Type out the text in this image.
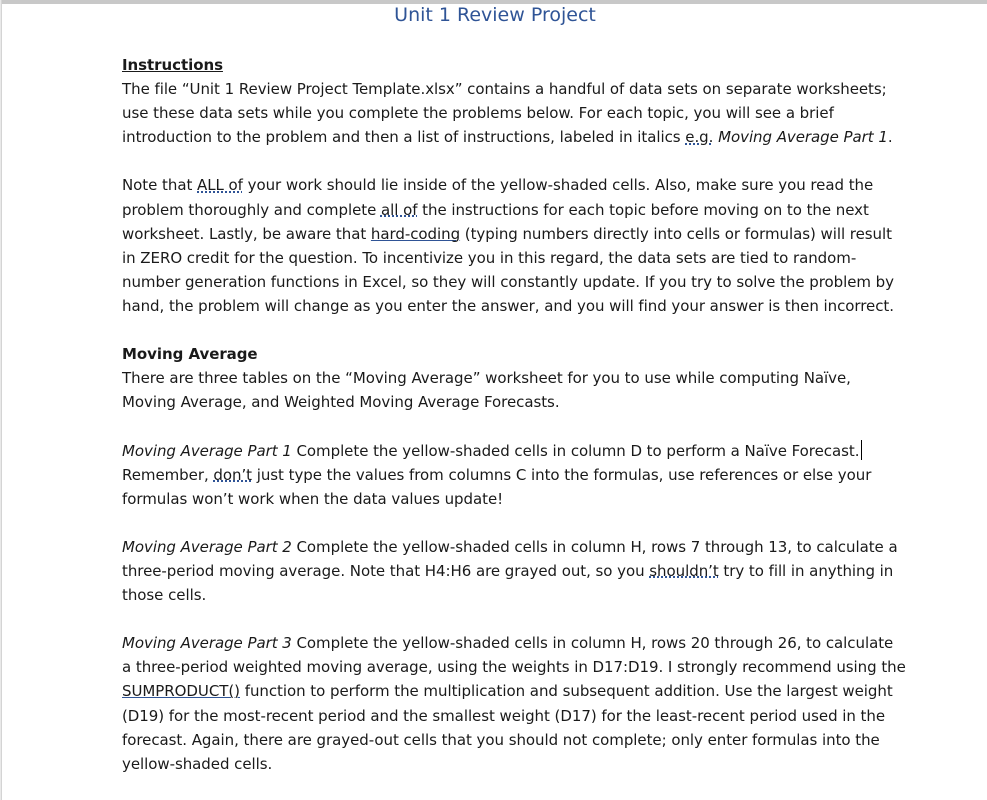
Unit 1 Review Project
Instructions
The file “Unit 1 Review Project Template.xlsx” contains a handful of data sets on separate worksheets;
use these data sets while you complete the problems below. For each topic, you will see a brief
introduction to the problem and then a list of instructions, labeled in italics e.g. Moving Average Part 1.
Note that ALL of your work should lie inside of the yellow-shaded cells. Also, make sure you read the
problem thoroughly and complete all of the instructions for each topic before moving on to the next
worksheet. Lastly, be aware that hard-coding (typing numbers directly into cells or formulas) will result
in ZERO credit for the question. To incentivize you in this regard, the data sets are tied to random-
number generation functions in Excel, so they will constantly update. If you try to solve the problem by
hand, the problem will change as you enter the answer, and you will find your answer is then incorrect.
Moving Average
There are three tables on the “Moving Average” worksheet for you to use while computing Naïve,
Moving Average, and Weighted Moving Average Forecasts.
Moving Average Part 1 Complete the yellow-shaded cells in column D to perform a Naïve Forecast.
Remember, don’t just type the values from columns C into the formulas, use references or else your
formulas won’t work when the data values update!
Moving Average Part 2 Complete the yellow-shaded cells in column H, rows 7 through 13, to calculate a
three-period moving average. Note that H4:H6 are grayed out, so you shouldn’t try to fill in anything in
those cells.
Moving Average Part 3 Complete the yellow-shaded cells in column H, rows 20 through 26, to calculate
a three-period weighted moving average, using the weights in D17:D19. I strongly recommend using the
SUMPRODUCT() function to perform the multiplication and subsequent addition. Use the largest weight
(D19) for the most-recent period and the smallest weight (D17) for the least-recent period used in the
forecast. Again, there are grayed-out cells that you should not complete; only enter formulas into the
yellow-shaded cells.
